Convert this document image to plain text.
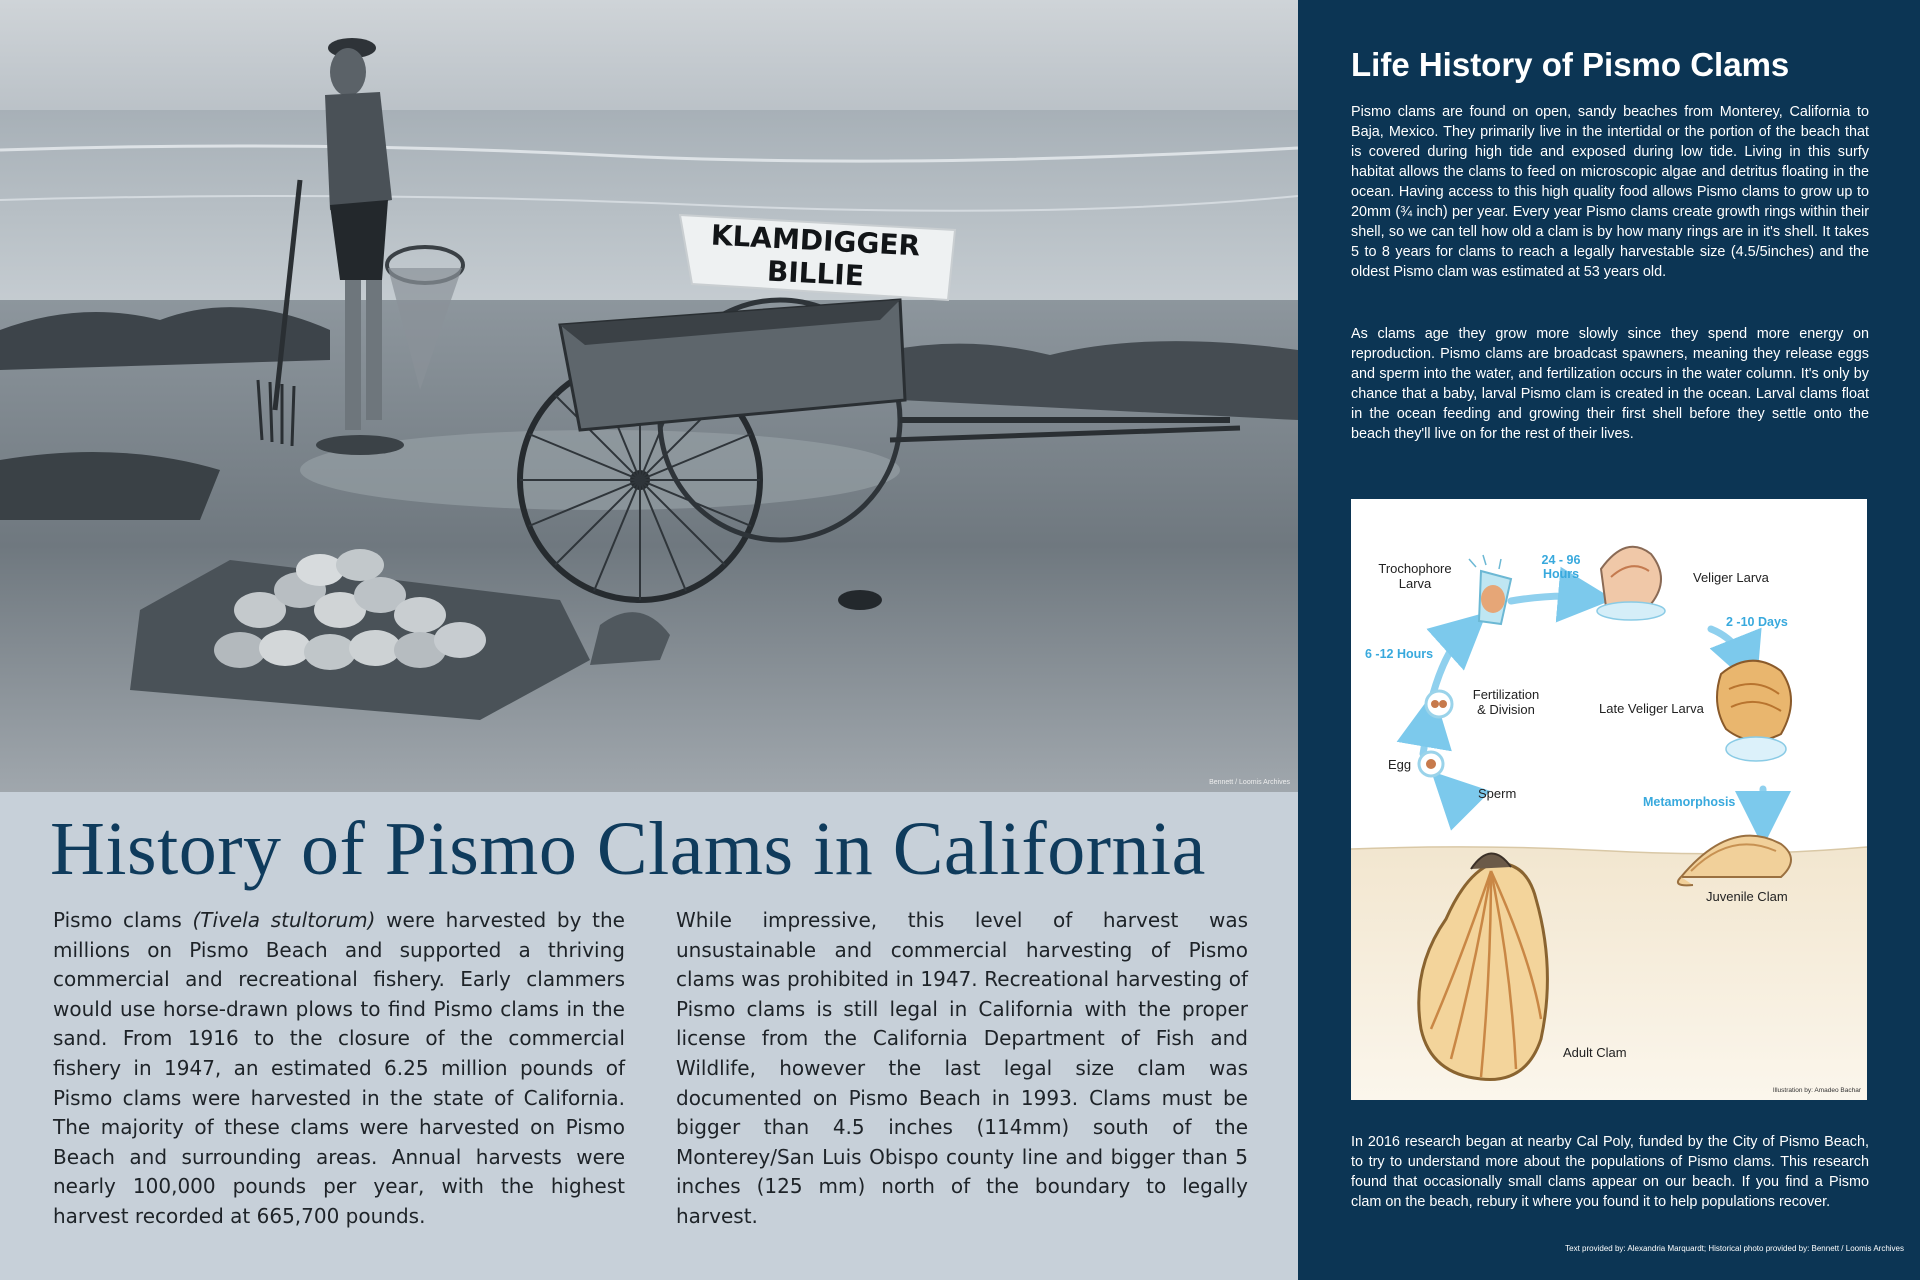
KLAMDIGGER
BILLIE
Bennett / Loomis Archives
History of Pismo Clams in California

Pismo clams (Tivela stultorum) were harvested by the millions on Pismo Beach and supported a thriving commercial and recreational fishery. Early clammers would use horse-drawn plows to find Pismo clams in the sand. From 1916 to the closure of the commercial fishery in 1947, an estimated 6.25 million pounds of Pismo clams were harvested in the state of California. The majority of these clams were harvested on Pismo Beach and surrounding areas. Annual harvests were nearly 100,000 pounds per year, with the highest harvest recorded at 665,700 pounds.

While impressive, this level of harvest was unsustainable and commercial harvesting of Pismo clams was prohibited in 1947. Recreational harvesting of Pismo clams is still legal in California with the proper license from the California Department of Fish and Wildlife, however the last legal size clam was documented on Pismo Beach in 1993. Clams must be bigger than 4.5 inches (114mm) south of the Monterey/San Luis Obispo county line and bigger than 5 inches (125 mm) north of the boundary to legally harvest.

Life History of Pismo Clams

Pismo clams are found on open, sandy beaches from Monterey, California to Baja, Mexico. They primarily live in the intertidal or the portion of the beach that is covered during high tide and exposed during low tide. Living in this surfy habitat allows the clams to feed on microscopic algae and detritus floating in the ocean. Having access to this high quality food allows Pismo clams to grow up to 20mm (¾ inch) per year. Every year Pismo clams create growth rings within their shell, so we can tell how old a clam is by how many rings are in it's shell. It takes 5 to 8 years for clams to reach a legally harvestable size (4.5/5inches) and the oldest Pismo clam was estimated at 53 years old.

As clams age they grow more slowly since they spend more energy on reproduction. Pismo clams are broadcast spawners, meaning they release eggs and sperm into the water, and fertilization occurs in the water column. It's only by chance that a baby, larval Pismo clam is created in the ocean. Larval clams float in the ocean feeding and growing their first shell before they settle onto the beach they'll live on for the rest of their lives.

Trochophore
Larva
24 - 96
Hours	Veliger Larva
2 -10 Days
6 -12 Hours
Fertilization
& Division	Late Veliger Larva
Egg
Sperm
Metamorphosis
Juvenile Clam
Adult Clam
Illustration by: Amadeo Bachar

In 2016 research began at nearby Cal Poly, funded by the City of Pismo Beach, to try to understand more about the populations of Pismo clams. This research found that occasionally small clams appear on our beach. If you find a Pismo clam on the beach, rebury it where you found it to help populations recover.

Text provided by: Alexandria Marquardt; Historical photo provided by: Bennett / Loomis Archives
